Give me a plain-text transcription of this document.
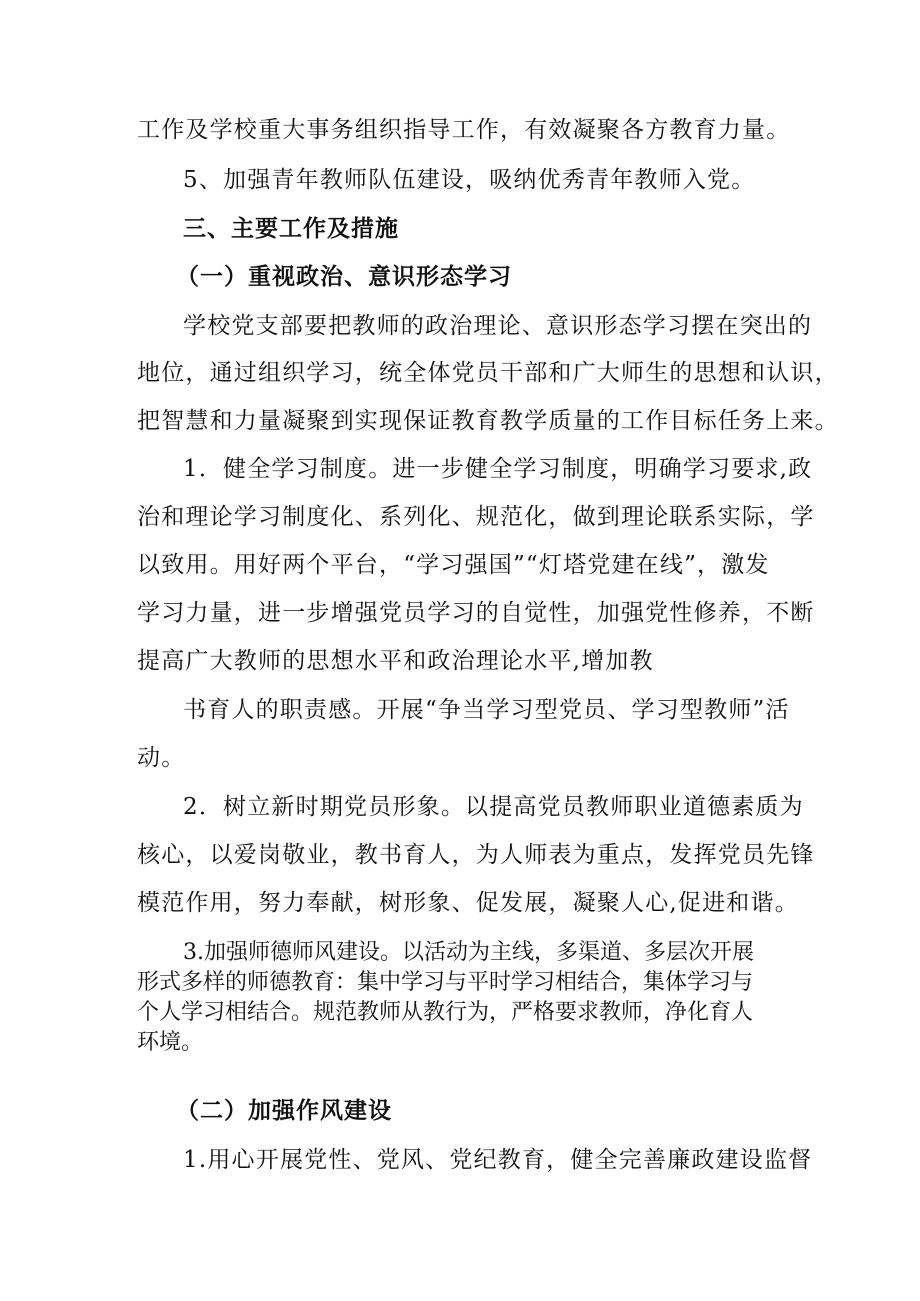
工作及学校重大事务组织指导工作，有效凝聚各方教育力量。
5、加强青年教师队伍建设，吸纳优秀青年教师入党。
三、主要工作及措施
（一）重视政治、意识形态学习
学校党支部要把教师的政治理论、意识形态学习摆在突出的
地位，通过组织学习，统全体党员干部和广大师生的思想和认识，
把智慧和力量凝聚到实现保证教育教学质量的工作目标任务上来。
1．健全学习制度。进一步健全学习制度，明确学习要求,政
治和理论学习制度化、系列化、规范化，做到理论联系实际，学
以致用。用好两个平台，“学习强国”“灯塔党建在线”，激发
学习力量，进一步增强党员学习的自觉性，加强党性修养，不断
提高广大教师的思想水平和政治理论水平,增加教
书育人的职责感。开展“争当学习型党员、学习型教师”活
动。
2．树立新时期党员形象。以提高党员教师职业道德素质为
核心，以爱岗敬业，教书育人，为人师表为重点，发挥党员先锋
模范作用，努力奉献，树形象、促发展，凝聚人心,促进和谐。
3.加强师德师风建设。以活动为主线，多渠道、多层次开展
形式多样的师德教育：集中学习与平时学习相结合，集体学习与
个人学习相结合。规范教师从教行为，严格要求教师，净化育人
环境。
（二）加强作风建设
1.用心开展党性、党风、党纪教育，健全完善廉政建设监督
